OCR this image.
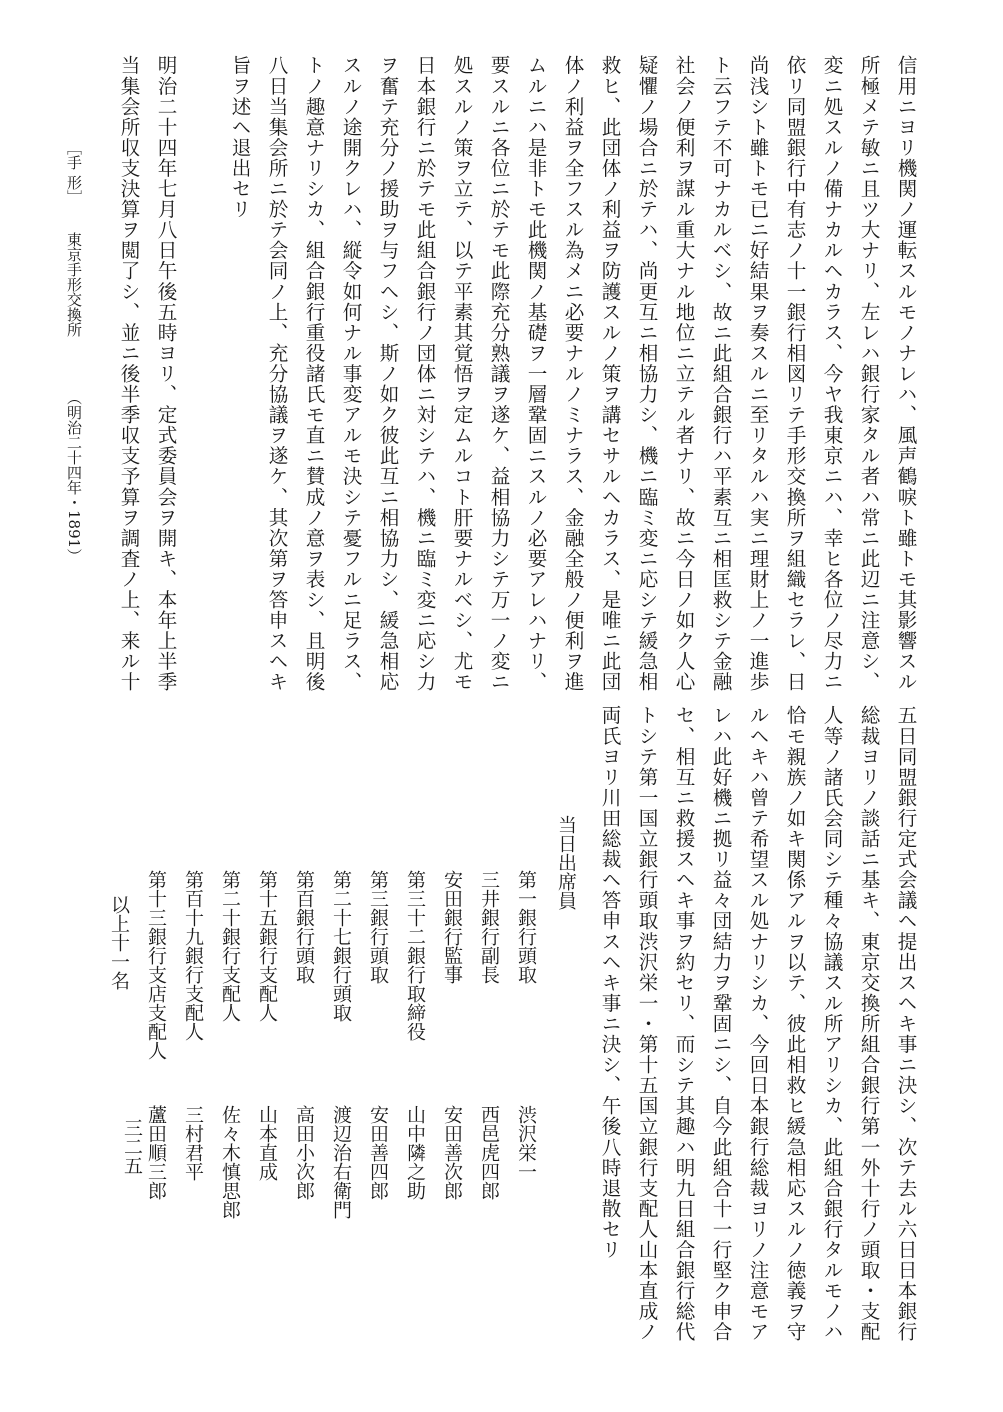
信用ニヨリ機関ノ運転スルモノナレハ、風声鶴唳ト雖トモ其影響スル
所極メテ敏ニ且ツ大ナリ、左レハ銀行家タル者ハ常ニ此辺ニ注意シ、
変ニ処スルノ備ナカルヘカラス、今ヤ我東京ニハ、幸ヒ各位ノ尽力ニ
依リ同盟銀行中有志ノ十一銀行相図リテ手形交換所ヲ組織セラレ、日
尚浅シト雖トモ已ニ好結果ヲ奏スルニ至リタルハ実ニ理財上ノ一進歩
ト云フテ不可ナカルベシ、故ニ此組合銀行ハ平素互ニ相匡救シテ金融
社会ノ便利ヲ謀ル重大ナル地位ニ立テル者ナリ、故ニ今日ノ如ク人心
疑懼ノ場合ニ於テハ、尚更互ニ相協力シ、機ニ臨ミ変ニ応シテ緩急相
救ヒ、此団体ノ利益ヲ防護スルノ策ヲ講セサルヘカラス、是唯ニ此団
体ノ利益ヲ全フスル為メニ必要ナルノミナラス、金融全般ノ便利ヲ進
ムルニハ是非トモ此機関ノ基礎ヲ一層鞏固ニスルノ必要アレハナリ、
要スルニ各位ニ於テモ此際充分熟議ヲ遂ケ、益相協力シテ万一ノ変ニ
処スルノ策ヲ立テ、以テ平素其覚悟ヲ定ムルコト肝要ナルベシ、尤モ
日本銀行ニ於テモ此組合銀行ノ団体ニ対シテハ、機ニ臨ミ変ニ応シ力
ヲ奮テ充分ノ援助ヲ与フヘシ、斯ノ如ク彼此互ニ相協力シ、緩急相応
スルノ途開クレハ、縦令如何ナル事変アルモ決シテ憂フルニ足ラス、
トノ趣意ナリシカ、組合銀行重役諸氏モ直ニ賛成ノ意ヲ表シ、且明後
八日当集会所ニ於テ会同ノ上、充分協議ヲ遂ケ、其次第ヲ答申スヘキ
旨ヲ述ヘ退出セリ
明治二十四年七月八日午後五時ヨリ、定式委員会ヲ開キ、本年上半季
当集会所収支決算ヲ閲了シ、並ニ後半季収支予算ヲ調査ノ上、来ル十
［手 形］
東京手形交換所
（明治二十四年・1891）
五日同盟銀行定式会議ヘ提出スヘキ事ニ決シ、次テ去ル六日日本銀行
総裁ヨリノ談話ニ基キ、東京交換所組合銀行第一外十行ノ頭取・支配
人等ノ諸氏会同シテ種々協議スル所アリシカ、此組合銀行タルモノハ
恰モ親族ノ如キ関係アルヲ以テ、彼此相救ヒ緩急相応スルノ徳義ヲ守
ルヘキハ曾テ希望スル処ナリシカ、今回日本銀行総裁ヨリノ注意モア
レハ此好機ニ拠リ益々団結力ヲ鞏固ニシ、自今此組合十一行堅ク申合
セ、相互ニ救援スヘキ事ヲ約セリ、而シテ其趣ハ明九日組合銀行総代
トシテ第一国立銀行頭取渋沢栄一・第十五国立銀行支配人山本直成ノ
両氏ヨリ川田総裁ヘ答申スヘキ事ニ決シ、午後八時退散セリ
当日出席員
第一銀行頭取
渋沢栄一
三井銀行副長
西邑虎四郎
安田銀行監事
安田善次郎
第三十二銀行取締役
山中隣之助
第三銀行頭取
安田善四郎
第二十七銀行頭取
渡辺治右衛門
第百銀行頭取
高田小次郎
第十五銀行支配人
山本直成
第二十銀行支配人
佐々木慎思郎
第百十九銀行支配人
三村君平
第十三銀行支店支配人
蘆田順三郎
以上十一名
三二五
